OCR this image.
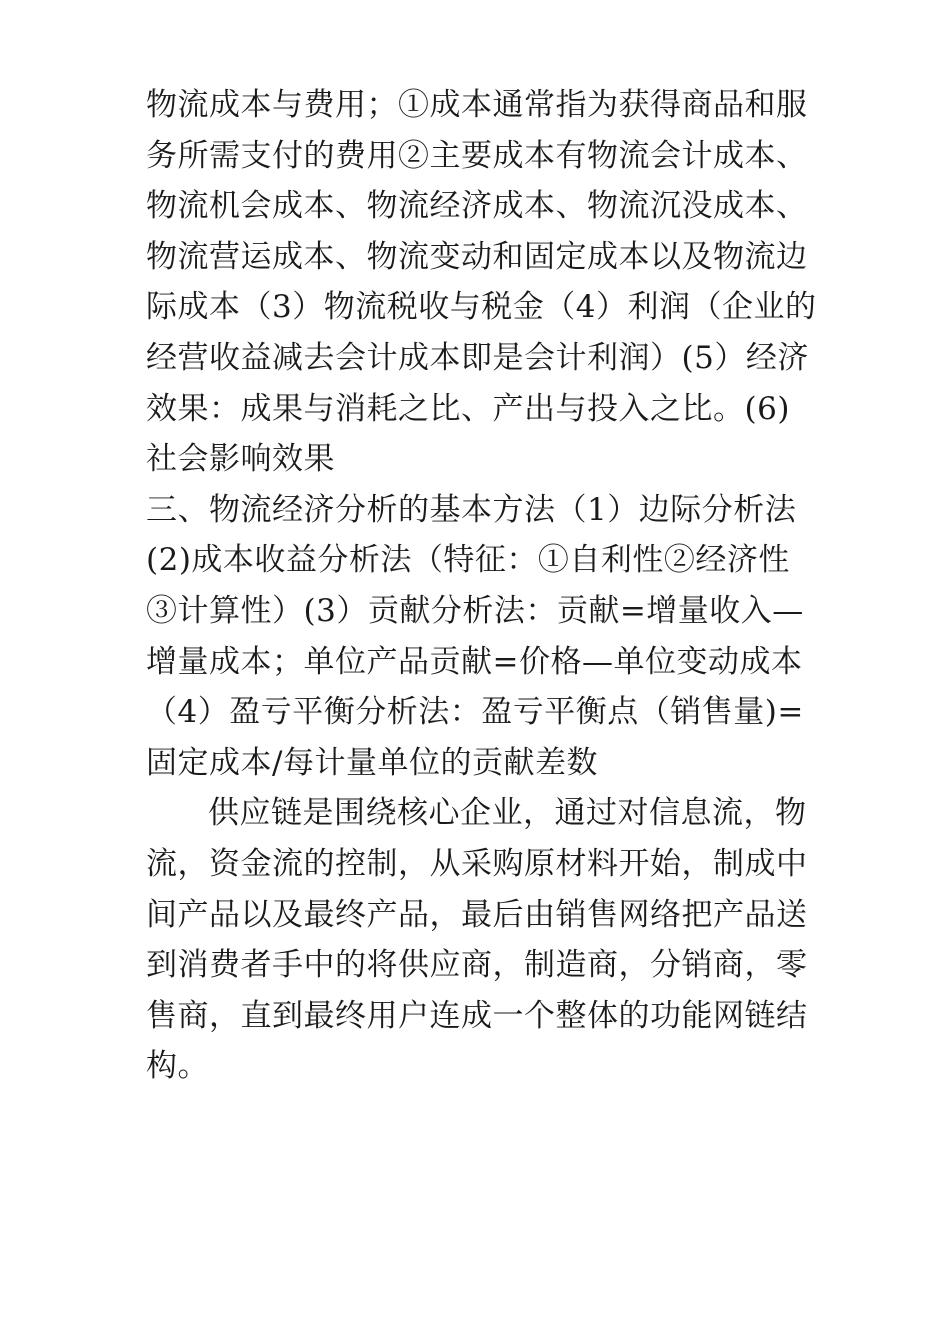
物流成本与费用；①成本通常指为获得商品和服
务所需支付的费用②主要成本有物流会计成本、
物流机会成本、物流经济成本、物流沉没成本、
物流营运成本、物流变动和固定成本以及物流边
际成本（3）物流税收与税金（4）利润（企业的
经营收益减去会计成本即是会计利润）(5）经济
效果：成果与消耗之比、产出与投入之比。(6)
社会影响效果
三、物流经济分析的基本方法（1）边际分析法
(2)成本收益分析法（特征：①自利性②经济性
③计算性）(3）贡献分析法：贡献=增量收入—
增量成本；单位产品贡献=价格—单位变动成本
（4）盈亏平衡分析法：盈亏平衡点（销售量)=
固定成本/每计量单位的贡献差数
供应链是围绕核心企业，通过对信息流，物
流，资金流的控制，从采购原材料开始，制成中
间产品以及最终产品，最后由销售网络把产品送
到消费者手中的将供应商，制造商，分销商，零
售商，直到最终用户连成一个整体的功能网链结
构。
